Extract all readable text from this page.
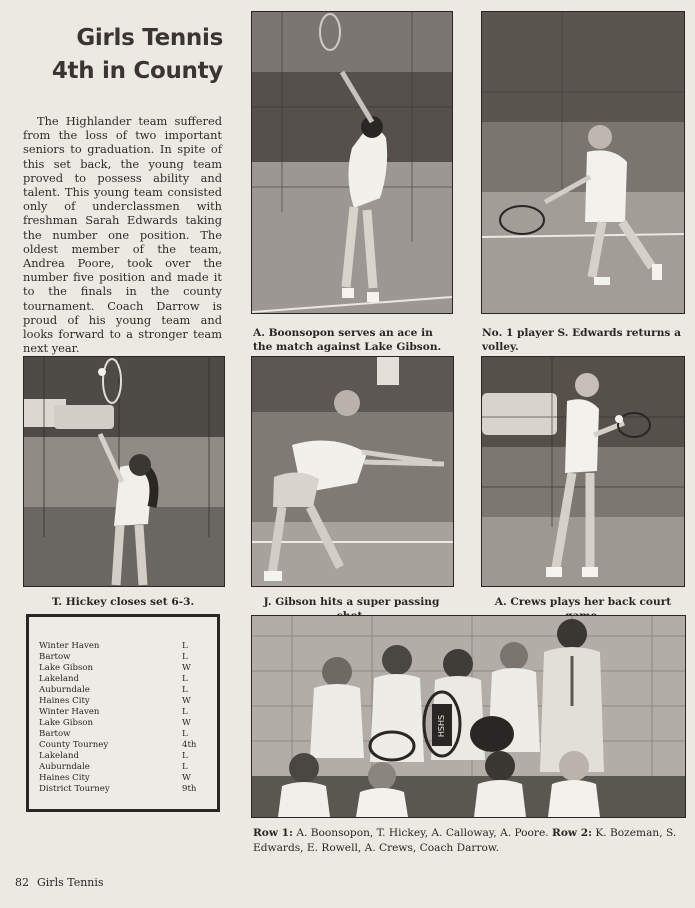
Girls Tennis
4th in County

The Highlander team suffered from the loss of two important seniors to graduation. In spite of this set back, the young team proved to possess ability and talent. This young team consisted only of underclassmen with freshman Sarah Edwards taking the number one position. The oldest member of the team, Andrea Poore, took over the number five position and made it to the finals in the county tournament. Coach Darrow is proud of his young team and looks forward to a stronger team next year.

A. Boonsopon serves an ace in the match against Lake Gibson.
No. 1 player S. Edwards returns a volley.
T. Hickey closes set 6-3.	J. Gibson hits a super passing	A. Crews plays her back court
Winter Haven	L
Bartow	L
Lake Gibson	W
Lakeland	L
Auburndale	L
Haines City	W
Winter Haven	L
Lake Gibson	W
Bartow	L
County Tourney	4th
Lakeland	L
Auburndale	L
Haines City	W
District Tourney	9th
HSHS
Row 1: A. Boonsopon, T. Hickey, A. Calloway, A. Poore. Row 2: K. Bozeman, S. Edwards, E. Rowell, A. Crews, Coach Darrow.
82 Girls Tennis
